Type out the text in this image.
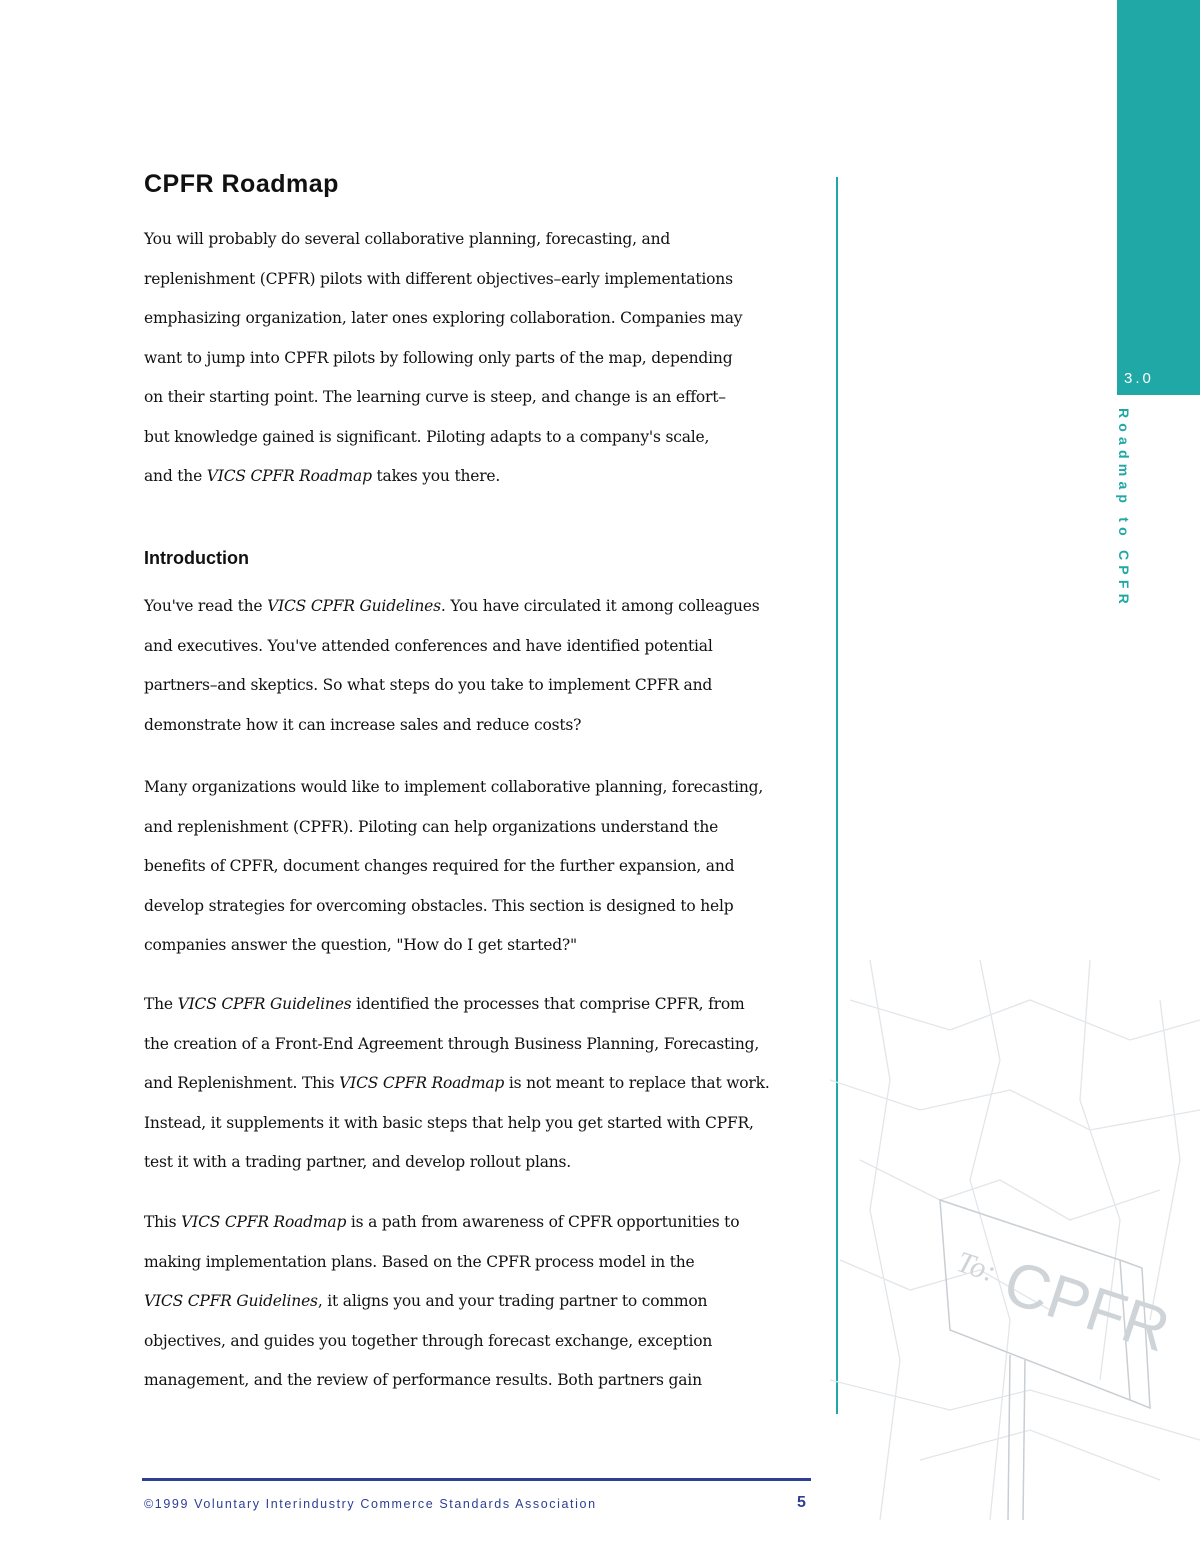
3.0
Roadmap to CPFR
To:
CPFR
CPFR Roadmap
You will probably do several collaborative planning, forecasting, and
replenishment (CPFR) pilots with different objectives–early implementations
emphasizing organization, later ones exploring collaboration. Companies may
want to jump into CPFR pilots by following only parts of the map, depending
on their starting point. The learning curve is steep, and change is an effort–
but knowledge gained is significant. Piloting adapts to a company's scale,
and the VICS CPFR Roadmap takes you there.
Introduction
You've read the VICS CPFR Guidelines. You have circulated it among colleagues
and executives. You've attended conferences and have identified potential
partners–and skeptics. So what steps do you take to implement CPFR and
demonstrate how it can increase sales and reduce costs?
Many organizations would like to implement collaborative planning, forecasting,
and replenishment (CPFR). Piloting can help organizations understand the
benefits of CPFR, document changes required for the further expansion, and
develop strategies for overcoming obstacles. This section is designed to help
companies answer the question, "How do I get started?"
The VICS CPFR Guidelines identified the processes that comprise CPFR, from
the creation of a Front-End Agreement through Business Planning, Forecasting,
and Replenishment. This VICS CPFR Roadmap is not meant to replace that work.
Instead, it supplements it with basic steps that help you get started with CPFR,
test it with a trading partner, and develop rollout plans.
This VICS CPFR Roadmap is a path from awareness of CPFR opportunities to
making implementation plans. Based on the CPFR process model in the
VICS CPFR Guidelines, it aligns you and your trading partner to common
objectives, and guides you together through forecast exchange, exception
management, and the review of performance results. Both partners gain
©1999 Voluntary Interindustry Commerce Standards Association	5
